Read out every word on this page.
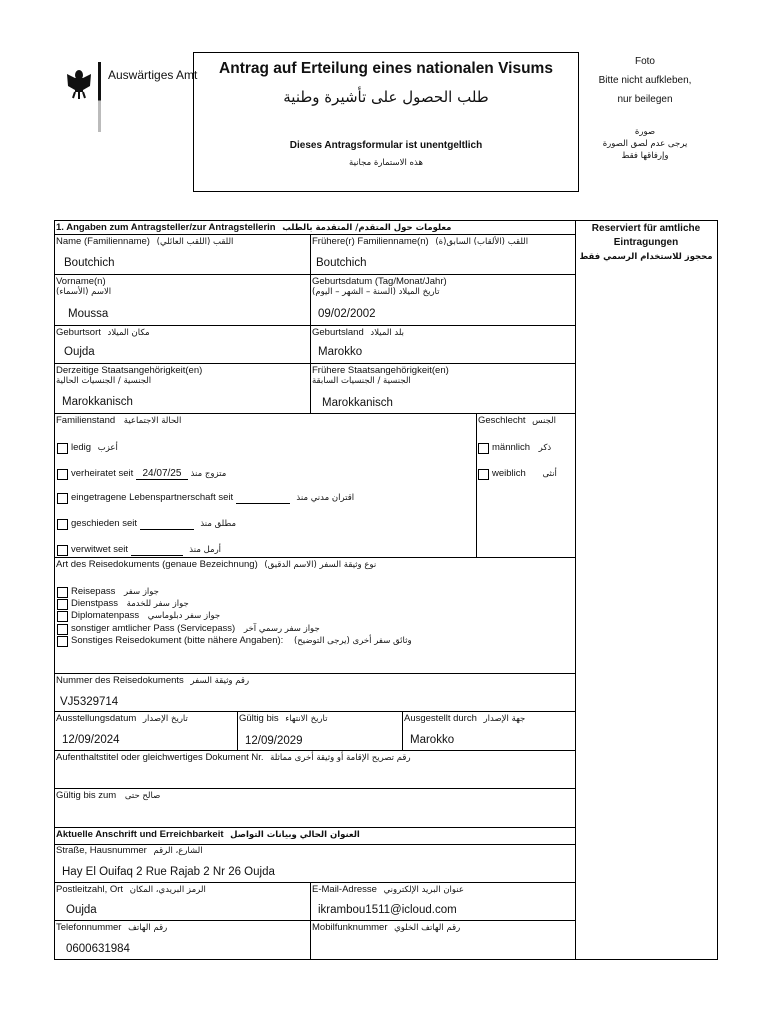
Auswärtiges Amt	Antrag auf Erteilung eines nationalen Visums
طلب الحصول على تأشيرة وطنية
Dieses Antragsformular ist unentgeltlich
هذه الاستمارة مجانية
Foto
Bitte nicht aufkleben,
nur beilegen
صورة
يرجى عدم لصق الصورة
وإرفاقها فقط
Reserviert für amtliche
Eintragungen
محجوز للاستخدام الرسمي فقط
1. Angaben zum Antragsteller/zur Antragstellerin معلومات حول المتقدم/ المتقدمة بالطلب
Name (Familienname) اللقب (اللقب العائلي)
Boutchich
Frühere(r) Familienname(n) اللقب (الألقاب) السابق(ة)
Boutchich
Vorname(n)
الاسم (الأسماء)
Moussa
Geburtsdatum (Tag/Monat/Jahr)
تاريخ الميلاد (السنة – الشهر – اليوم)
09/02/2002
Geburtsort مكان الميلاد
Oujda
Geburtsland بلد الميلاد
Marokko
Derzeitige Staatsangehörigkeit(en)
الجنسية / الجنسيات الحالية
Marokkanisch
Frühere Staatsangehörigkeit(en)
الجنسية / الجنسيات السابقة
Marokkanisch
Familienstand الحالة الاجتماعية
ledig أعزب
verheiratet seit 24/07/25 متزوج منذ
eingetragene Lebenspartnerschaft seit	اقتران مدني منذ
geschieden seit	مطلق منذ
verwitwet seit	أرمل منذ
Geschlecht الجنس
männlich ذكر
weiblich أنثى
Art des Reisedokuments (genaue Bezeichnung) نوع وثيقة السفر (الاسم الدقيق)
Reisepass جواز سفر
Dienstpass جواز سفر للخدمة
Diplomatenpass جواز سفر دبلوماسي
sonstiger amtlicher Pass (Servicepass) جواز سفر رسمي آخر
Sonstiges Reisedokument (bitte nähere Angaben): وثائق سفر أخرى (يرجى التوضيح)
Nummer des Reisedokuments رقم وثيقة السفر
VJ5329714
Ausstellungsdatum تاريخ الإصدار
12/09/2024
Gültig bis تاريخ الانتهاء
12/09/2029
Ausgestellt durch جهة الإصدار
Marokko
Aufenthaltstitel oder gleichwertiges Dokument Nr. رقم تصريح الإقامة أو وثيقة أخرى مماثلة
Gültig bis zum صالح حتى
Aktuelle Anschrift und Erreichbarkeit العنوان الحالي وبيانات التواصل
Straße, Hausnummer الشارع، الرقم
Hay El Ouifaq 2 Rue Rajab 2 Nr 26 Oujda
Postleitzahl, Ort الرمز البريدي، المكان
Oujda
E-Mail-Adresse عنوان البريد الإلكتروني
ikrambou1511@icloud.com
Telefonnummer رقم الهاتف
0600631984
Mobilfunknummer رقم الهاتف الخلوي
